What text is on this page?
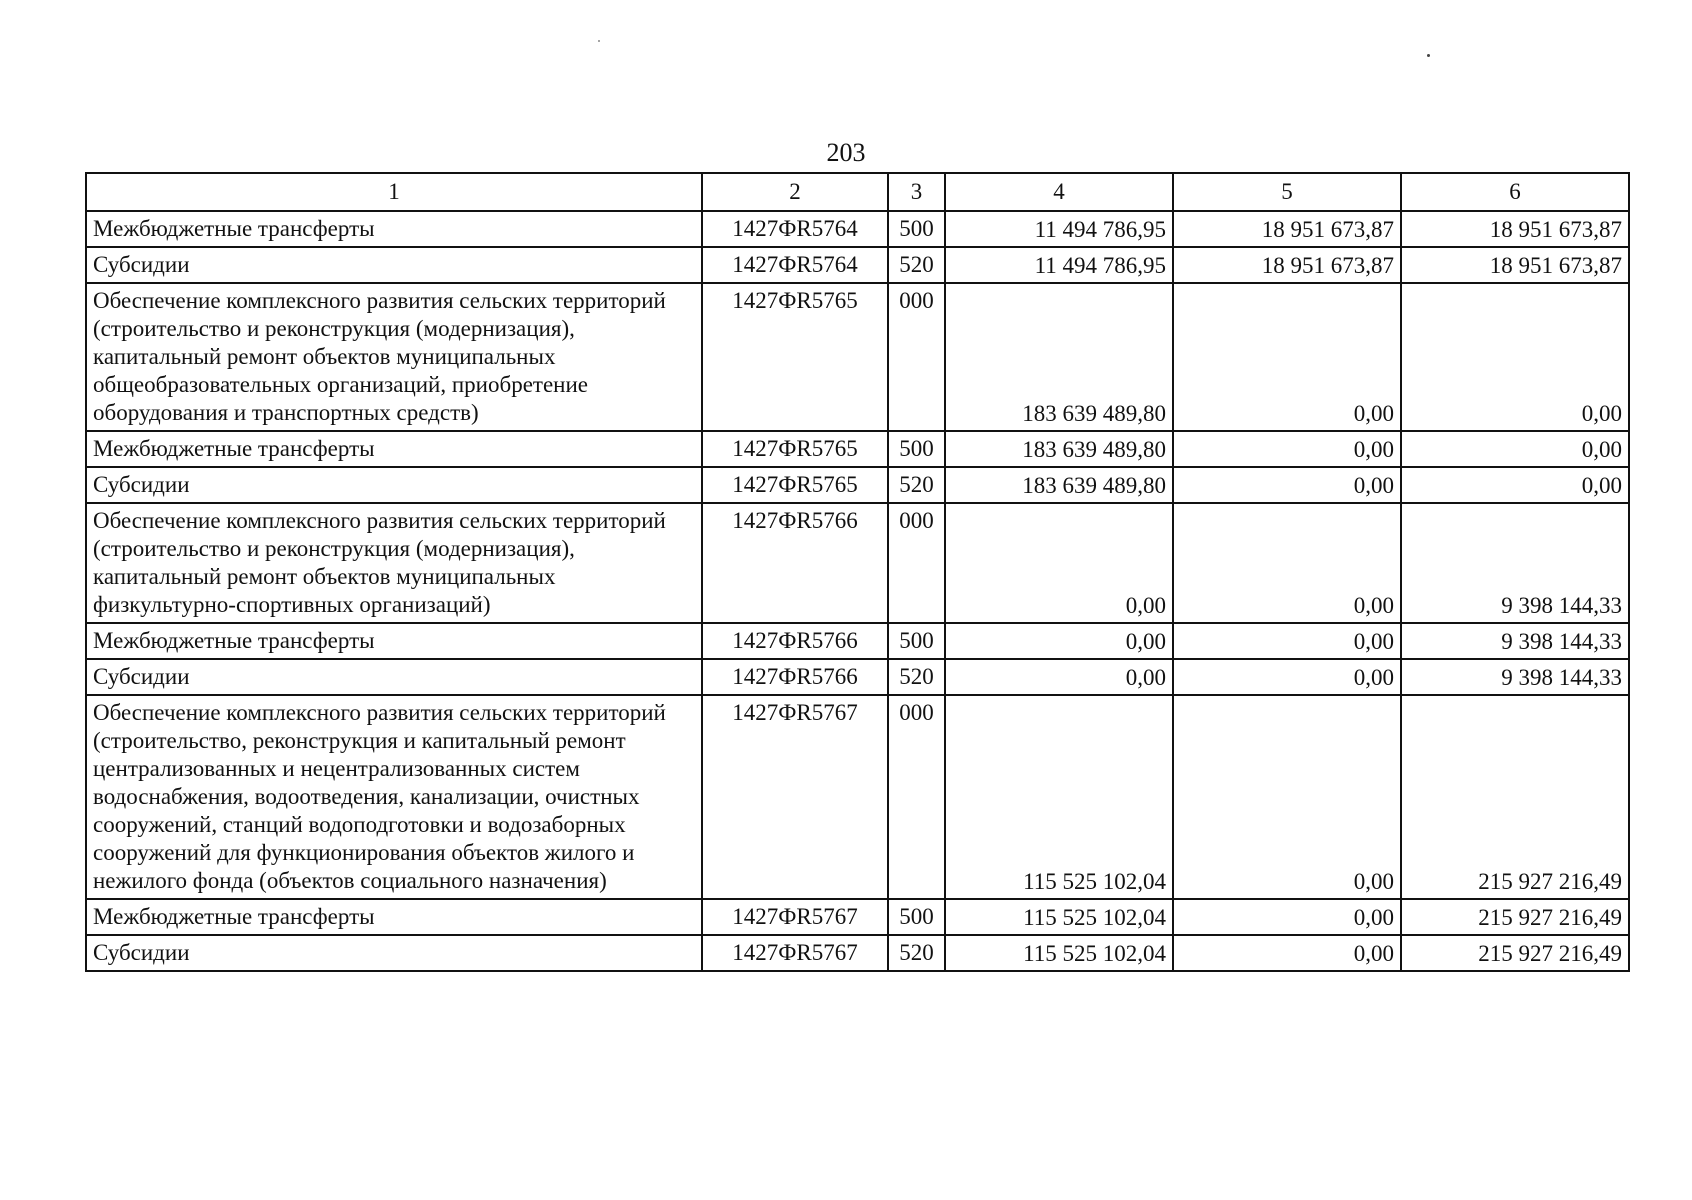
203
1	2	3	4	5	6
Межбюджетные трансферты	1427ФR5764	500	11 494 786,95	18 951 673,87	18 951 673,87
Субсидии	1427ФR5764	520	11 494 786,95	18 951 673,87	18 951 673,87
Обеспечение комплексного развития сельских территорий (строительство и реконструкция (модернизация), капитальный ремонт объектов муниципальных общеобразовательных организаций, приобретение оборудования и транспортных средств)	1427ФR5765	000	183 639 489,80	0,00	0,00
Межбюджетные трансферты	1427ФR5765	500	183 639 489,80	0,00	0,00
Субсидии	1427ФR5765	520	183 639 489,80	0,00	0,00
Обеспечение комплексного развития сельских территорий (строительство и реконструкция (модернизация), капитальный ремонт объектов муниципальных физкультурно-спортивных организаций)	1427ФR5766	000	0,00	0,00	9 398 144,33
Межбюджетные трансферты	1427ФR5766	500	0,00	0,00	9 398 144,33
Субсидии	1427ФR5766	520	0,00	0,00	9 398 144,33
Обеспечение комплексного развития сельских территорий (строительство, реконструкция и капитальный ремонт централизованных и нецентрализованных систем водоснабжения, водоотведения, канализации, очистных сооружений, станций водоподготовки и водозаборных сооружений для функционирования объектов жилого и нежилого фонда (объектов социального назначения)	1427ФR5767	000	115 525 102,04	0,00	215 927 216,49
Межбюджетные трансферты	1427ФR5767	500	115 525 102,04	0,00	215 927 216,49
Субсидии	1427ФR5767	520	115 525 102,04	0,00	215 927 216,49
